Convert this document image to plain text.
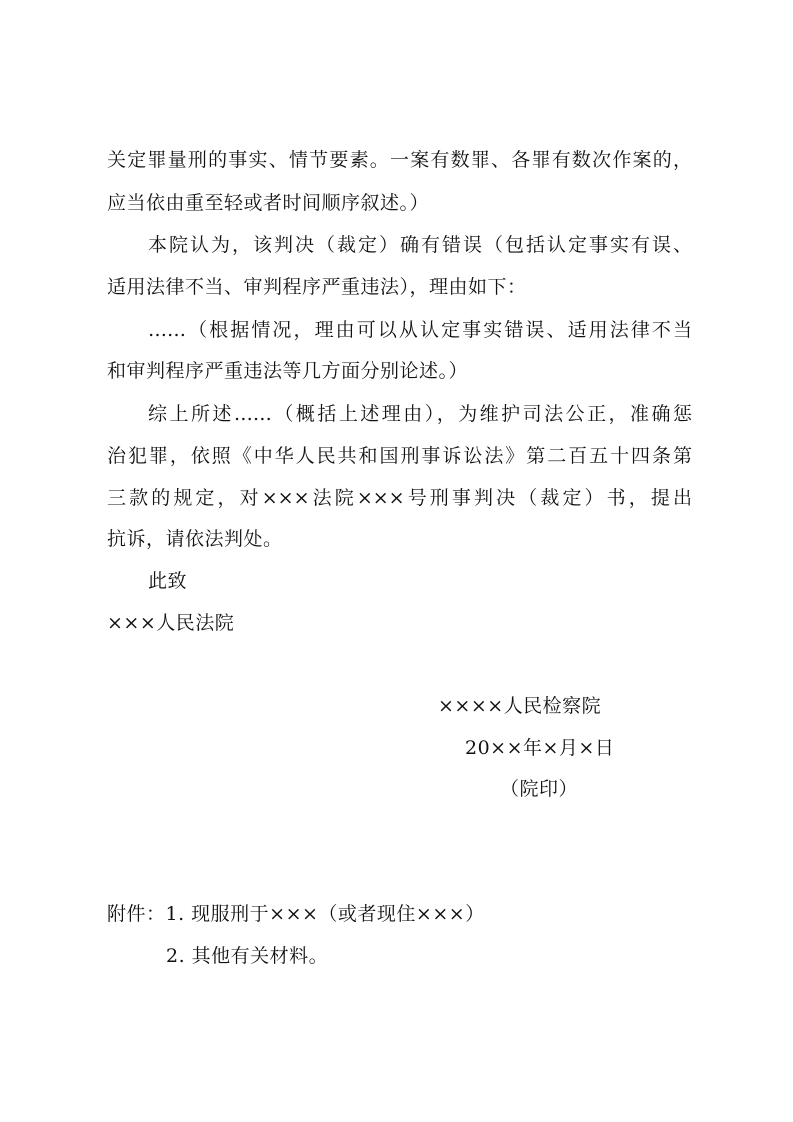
关定罪量刑的事实、情节要素。一案有数罪、各罪有数次作案的，
应当依由重至轻或者时间顺序叙述。）
本院认为，该判决（裁定）确有错误（包括认定事实有误、
适用法律不当、审判程序严重违法），理由如下：
……（根据情况，理由可以从认定事实错误、适用法律不当
和审判程序严重违法等几方面分别论述。）
综上所述……（概括上述理由），为维护司法公正，准确惩
治犯罪，依照《中华人民共和国刑事诉讼法》第二百五十四条第
三款的规定，对×××法院×××号刑事判决（裁定）书，提出
抗诉，请依法判处。
此致
×××人民法院
××××人民检察院
20××年×月×日
（院印）
附件：1. 现服刑于×××（或者现住×××）
2. 其他有关材料。
